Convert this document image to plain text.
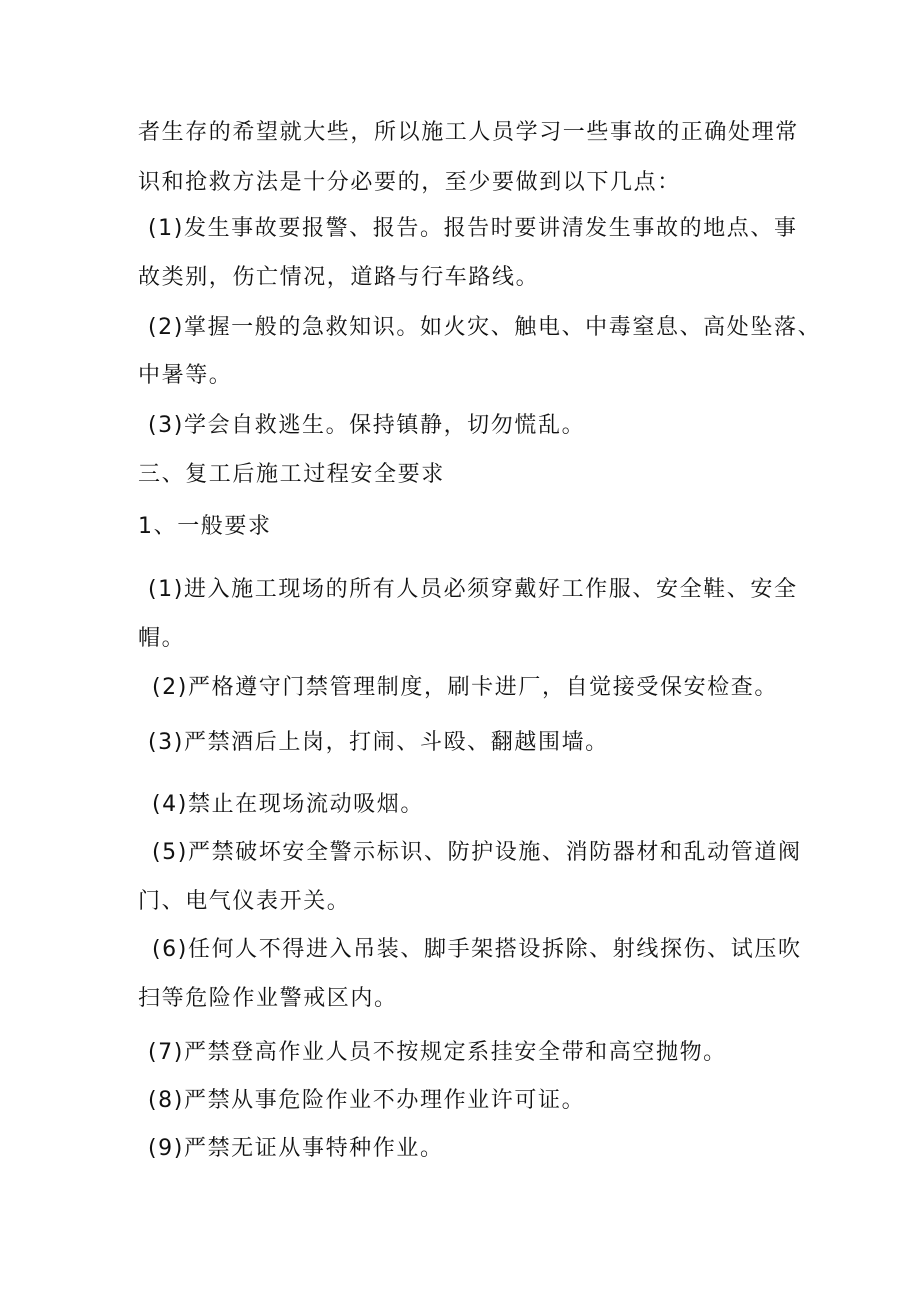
者生存的希望就大些，所以施工人员学习一些事故的正确处理常
识和抢救方法是十分必要的，至少要做到以下几点：
(1)发生事故要报警、报告。报告时要讲清发生事故的地点、事
故类别，伤亡情况，道路与行车路线。
(2)掌握一般的急救知识。如火灾、触电、中毒窒息、高处坠落、
中暑等。
(3)学会自救逃生。保持镇静，切勿慌乱。
三、复工后施工过程安全要求
1、一般要求
(1)进入施工现场的所有人员必须穿戴好工作服、安全鞋、安全
帽。
(2)严格遵守门禁管理制度，刷卡进厂，自觉接受保安检查。
(3)严禁酒后上岗，打闹、斗殴、翻越围墙。
(4)禁止在现场流动吸烟。
(5)严禁破坏安全警示标识、防护设施、消防器材和乱动管道阀
门、电气仪表开关。
(6)任何人不得进入吊装、脚手架搭设拆除、射线探伤、试压吹
扫等危险作业警戒区内。
(7)严禁登高作业人员不按规定系挂安全带和高空抛物。
(8)严禁从事危险作业不办理作业许可证。
(9)严禁无证从事特种作业。
